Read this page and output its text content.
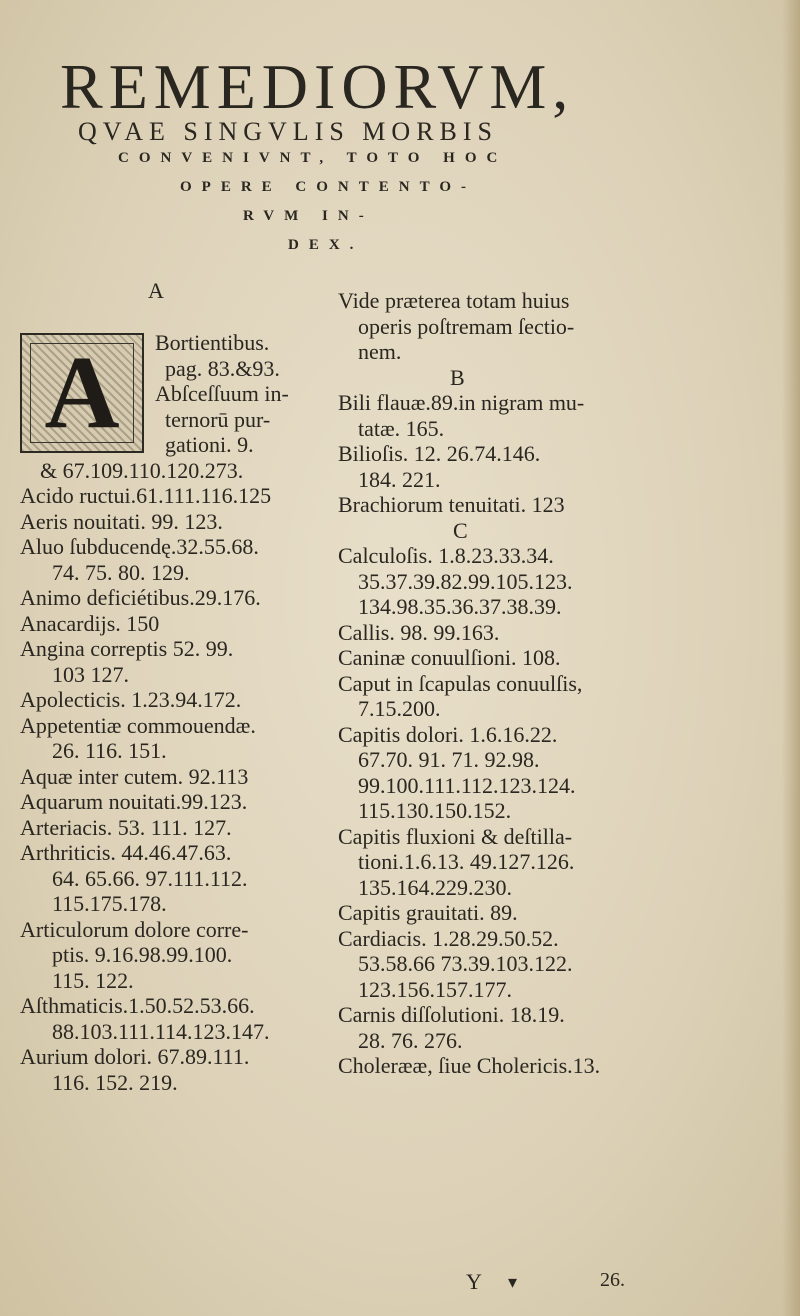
REMEDIORVM,
QVAE SINGVLIS MORBIS
CONVENIVNT, TOTO HOC
OPERE CONTENTO-
RVM IN-
DEX.
A
A	Bortientibus.
pag. 83.&93.
Abſceſſuum in-
ternorū pur-
gationi. 9.
& 67.109.110.120.273.
Acido ructui.61.111.116.125
Aeris nouitati. 99. 123.
Aluo ſubducendę.32.55.68.
74. 75. 80. 129.
Animo deficiétibus.29.176.
Anacardijs. 150
Angina correptis 52. 99.
103 127.
Apolecticis. 1.23.94.172.
Appetentiæ commouendæ.
26. 116. 151.
Aquæ inter cutem. 92.113
Aquarum nouitati.99.123.
Arteriacis. 53. 111. 127.
Arthriticis. 44.46.47.63.
64. 65.66. 97.111.112.
115.175.178.
Articulorum dolore corre-
ptis. 9.16.98.99.100.
115. 122.
Aſthmaticis.1.50.52.53.66.
88.103.111.114.123.147.
Aurium dolori. 67.89.111.
116. 152. 219.
Vide præterea totam huius
operis poſtremam ſectio-
nem.
B
Bili flauæ.89.in nigram mu-
tatæ. 165.
Bilioſis. 12. 26.74.146.
184. 221.
Brachiorum tenuitati. 123
C
Calculoſis. 1.8.23.33.34.
35.37.39.82.99.105.123.
134.98.35.36.37.38.39.
Callis. 98. 99.163.
Caninæ conuulſioni. 108.
Caput in ſcapulas conuulſis,
7.15.200.
Capitis dolori. 1.6.16.22.
67.70. 91. 71. 92.98.
99.100.111.112.123.124.
115.130.150.152.
Capitis fluxioni & deſtilla-
tioni.1.6.13. 49.127.126.
135.164.229.230.
Capitis grauitati. 89.
Cardiacis. 1.28.29.50.52.
53.58.66 73.39.103.122.
123.156.157.177.
Carnis diſſolutioni. 18.19.
28. 76. 276.
Cholerææ, ſiue Cholericis.13.
Y ▾	26.
